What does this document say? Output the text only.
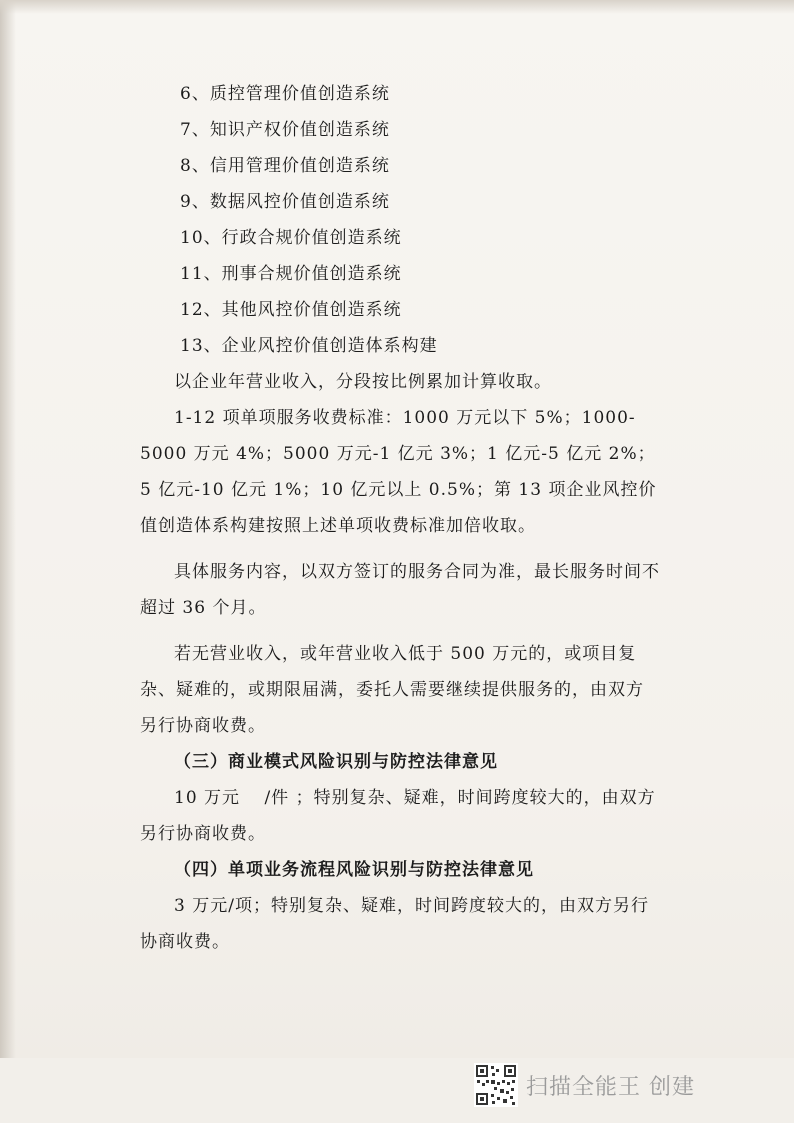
6、质控管理价值创造系统

7、知识产权价值创造系统

8、信用管理价值创造系统

9、数据风控价值创造系统

10、行政合规价值创造系统

11、刑事合规价值创造系统

12、其他风控价值创造系统

13、企业风控价值创造体系构建

以企业年营业收入，分段按比例累加计算收取。

1-12 项单项服务收费标准：1000 万元以下 5%；1000-5000 万元 4%；5000 万元-1 亿元 3%；1 亿元-5 亿元 2%；5 亿元-10 亿元 1%；10 亿元以上 0.5%；第 13 项企业风控价值创造体系构建按照上述单项收费标准加倍收取。

具体服务内容，以双方签订的服务合同为准，最长服务时间不超过 36 个月。

若无营业收入，或年营业收入低于 500 万元的，或项目复杂、疑难的，或期限届满，委托人需要继续提供服务的，由双方另行协商收费。

（三）商业模式风险识别与防控法律意见

10 万元　 /件 ；特别复杂、疑难，时间跨度较大的，由双方另行协商收费。

（四）单项业务流程风险识别与防控法律意见

3 万元/项；特别复杂、疑难，时间跨度较大的，由双方另行协商收费。

扫描全能王 创建
